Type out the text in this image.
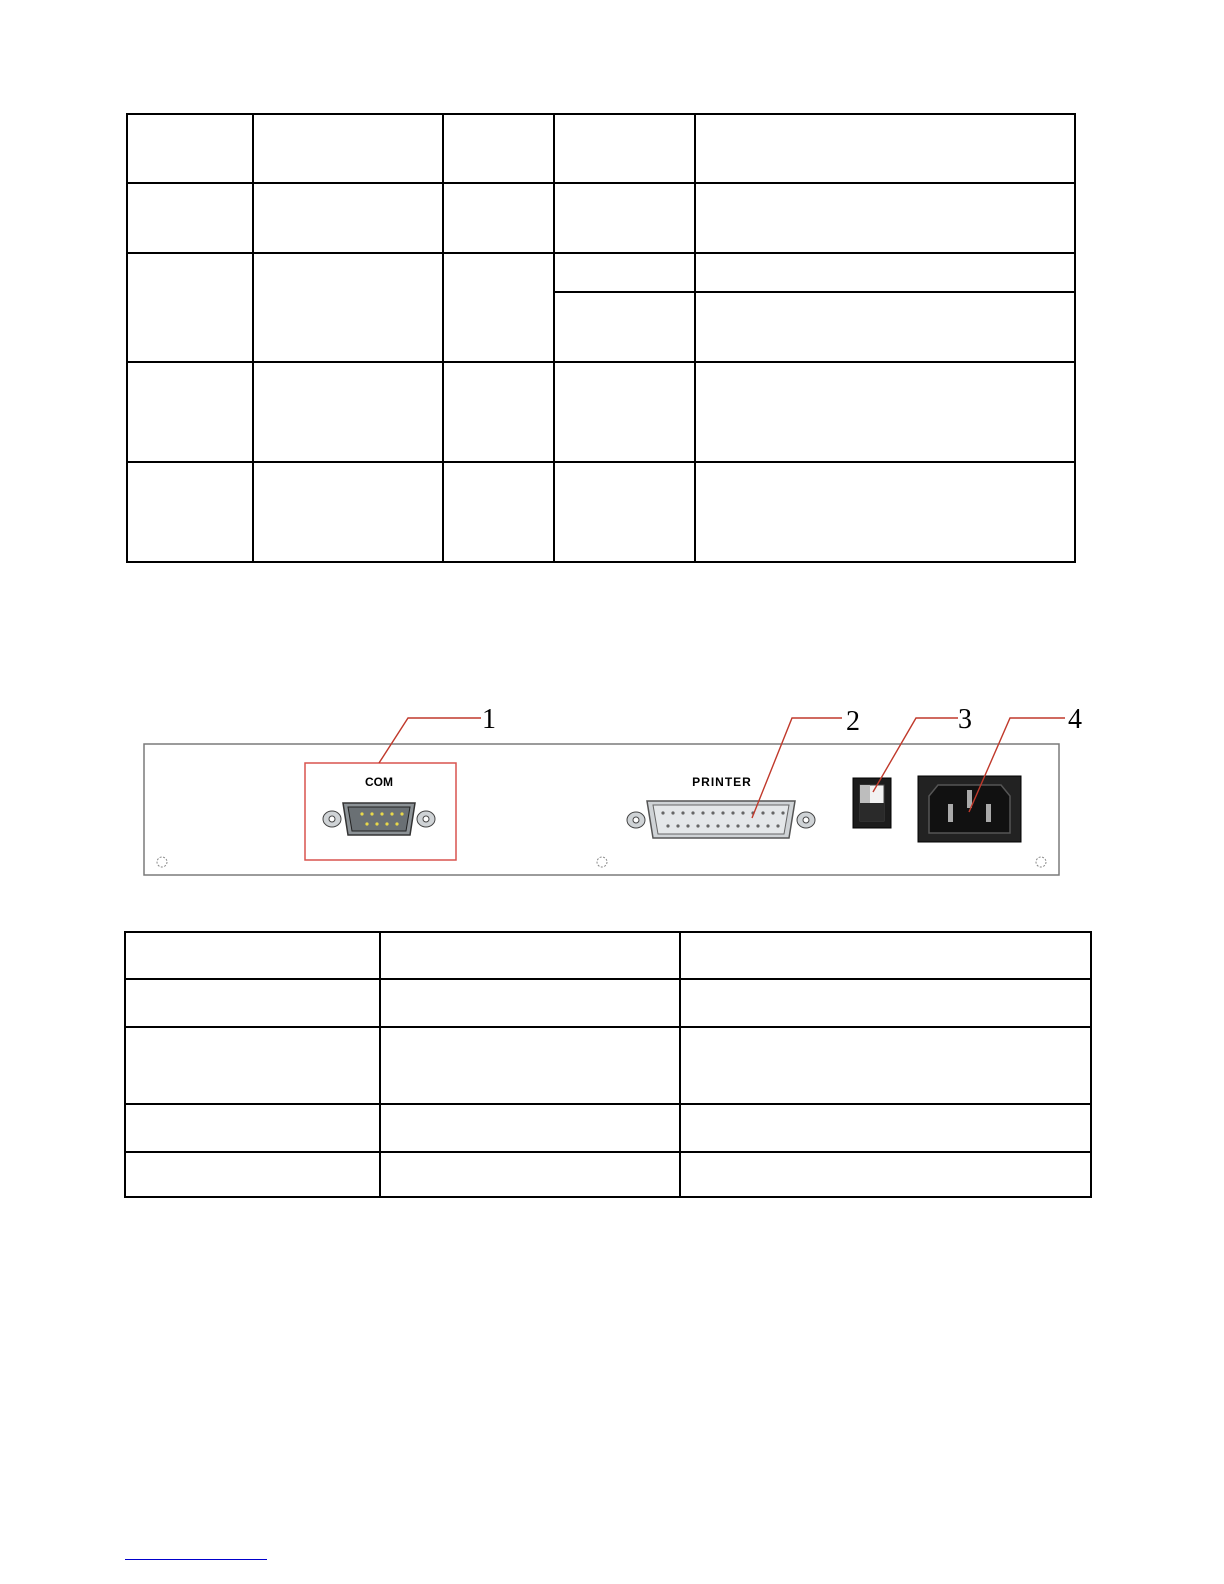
COM	PRINTER
1	2	3	4
